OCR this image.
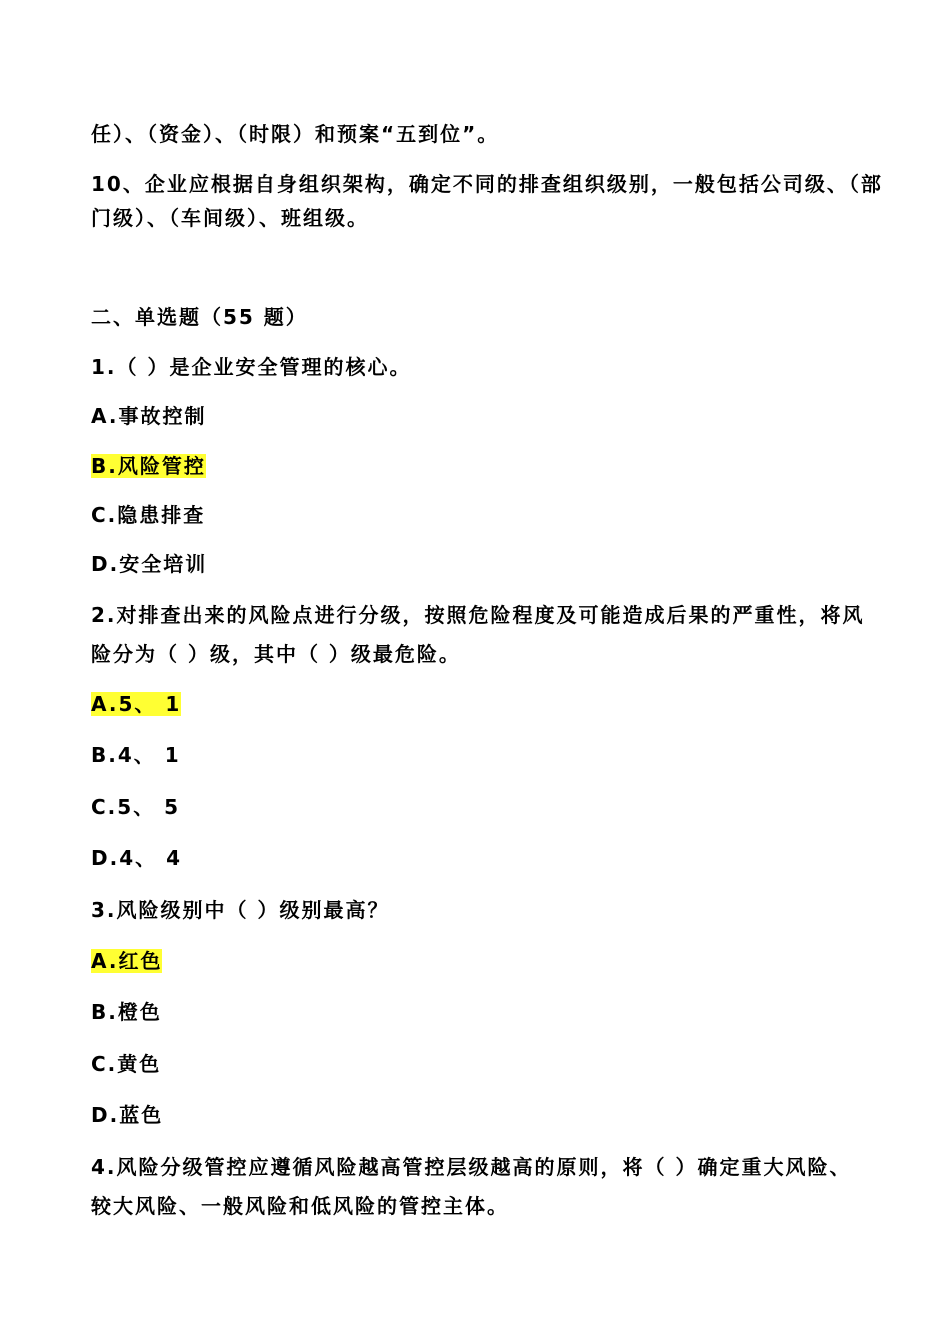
任）、（资金）、（时限）和预案“五到位”。
10、企业应根据自身组织架构，确定不同的排查组织级别，一般包括公司级、（部
门级）、（车间级）、班组级。
二、单选题（55 题）
1.（ ）是企业安全管理的核心。
A.事故控制
B.风险管控
C.隐患排查
D.安全培训
2.对排查出来的风险点进行分级，按照危险程度及可能造成后果的严重性，将风
险分为（ ）级，其中（ ）级最危险。
A.5、 1
B.4、 1
C.5、 5
D.4、 4
3.风险级别中（ ）级别最高？
A.红色
B.橙色
C.黄色
D.蓝色
4.风险分级管控应遵循风险越高管控层级越高的原则，将（ ）确定重大风险、
较大风险、一般风险和低风险的管控主体。
